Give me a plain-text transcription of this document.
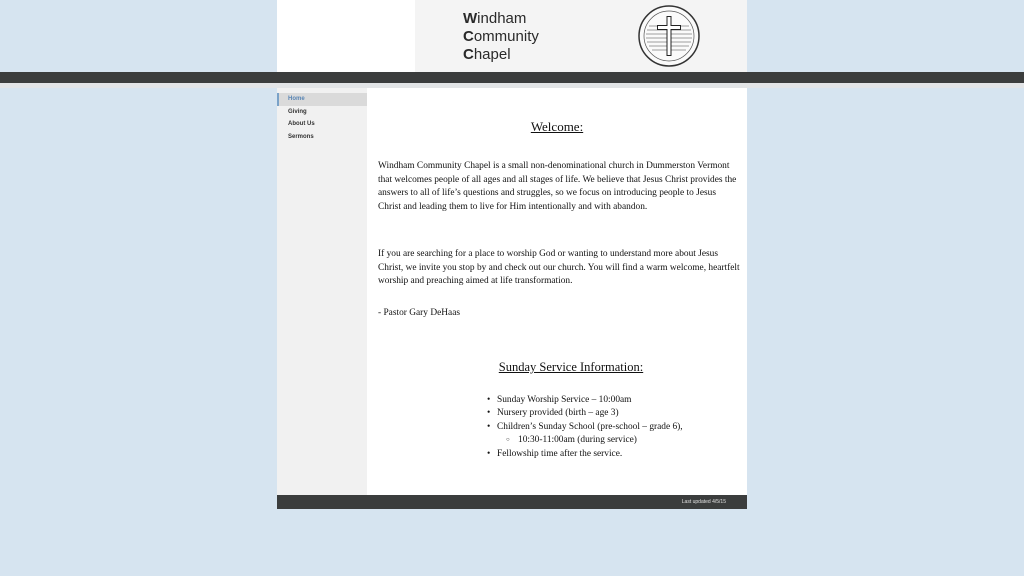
Windham
Community
Chapel
Home
Giving
About Us
Sermons
Welcome:

Windham Community Chapel is a small non-denominational church in Dummerston Vermont that welcomes people of all ages and all stages of life. We believe that Jesus Christ provides the answers to all of life’s questions and struggles, so we focus on introducing people to Jesus Christ and leading them to live for Him intentionally and with abandon.

If you are searching for a place to worship God or wanting to understand more about Jesus Christ, we invite you stop by and check out our church. You will find a warm welcome, heartfelt worship and preaching aimed at life transformation.

- Pastor Gary DeHaas
Sunday Service Information:
• Sunday Worship Service – 10:00am
• Nursery provided (birth – age 3)
• Children’s Sunday School (pre-school – grade 6),
○ 10:30-11:00am (during service)
• Fellowship time after the service.
Last updated 4/5/15
